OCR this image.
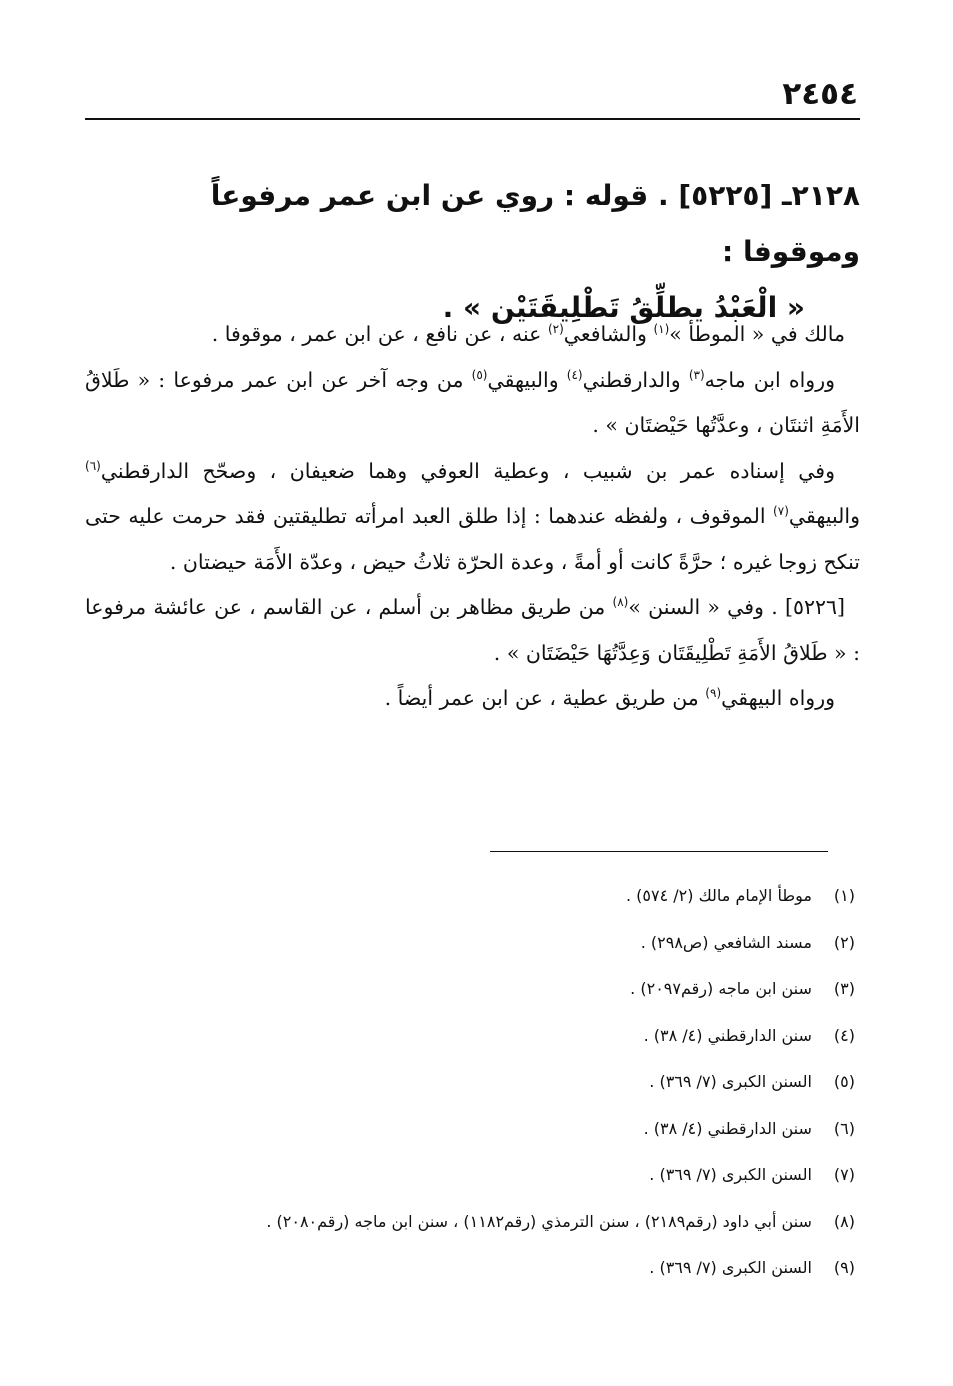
٢٤٥٤
٢١٢٨ـ [٥٢٢٥] . قوله : روي عن ابن عمر مرفوعاً وموقوفا :
« الْعَبْدُ يطلِّقُ تَطْلِيقَتَيْن » .

مالك في « الموطأ »$^{(١)}$ والشافعي$^{(٢)}$ عنه ، عن نافع ، عن ابن عمر ، موقوفا .

ورواه ابن ماجه$^{(٣)}$ والدارقطني$^{(٤)}$ والبيهقي$^{(٥)}$ من وجه آخر عن ابن عمر مرفوعا : « طَلاقُ الأَمَةِ اثنتَان ، وعدَّتُها حَيْضتَان » .

وفي إسناده عمر بن شبيب ، وعطية العوفي وهما ضعيفان ، وصحّح الدارقطني$^{(٦)}$ والبيهقي$^{(٧)}$ الموقوف ، ولفظه عندهما : إذا طلق العبد امرأته تطليقتين فقد حرمت عليه حتى تنكح زوجا غيره ؛ حرَّةً كانت أو أمةً ، وعدة الحرّة ثلاثُ حيض ، وعدّة الأَمَة حيضتان .

[٥٢٢٦] . وفي « السنن »$^{(٨)}$ من طريق مظاهر بن أسلم ، عن القاسم ، عن عائشة مرفوعا : « طَلاقُ الأَمَةِ تَطْلِيقَتَان وَعِدَّتُهَا حَيْضَتَان » .

ورواه البيهقي$^{(٩)}$ من طريق عطية ، عن ابن عمر أيضاً .

(١) موطأ الإمام مالك (٢/ ٥٧٤) .
(٢) مسند الشافعي (ص٢٩٨) .
(٣) سنن ابن ماجه (رقم٢٠٩٧) .
(٤) سنن الدارقطني (٤/ ٣٨) .
(٥) السنن الكبرى (٧/ ٣٦٩) .
(٦) سنن الدارقطني (٤/ ٣٨) .
(٧) السنن الكبرى (٧/ ٣٦٩) .
(٨) سنن أبي داود (رقم٢١٨٩) ، سنن الترمذي (رقم١١٨٢) ، سنن ابن ماجه (رقم٢٠٨٠) .
(٩) السنن الكبرى (٧/ ٣٦٩) .
